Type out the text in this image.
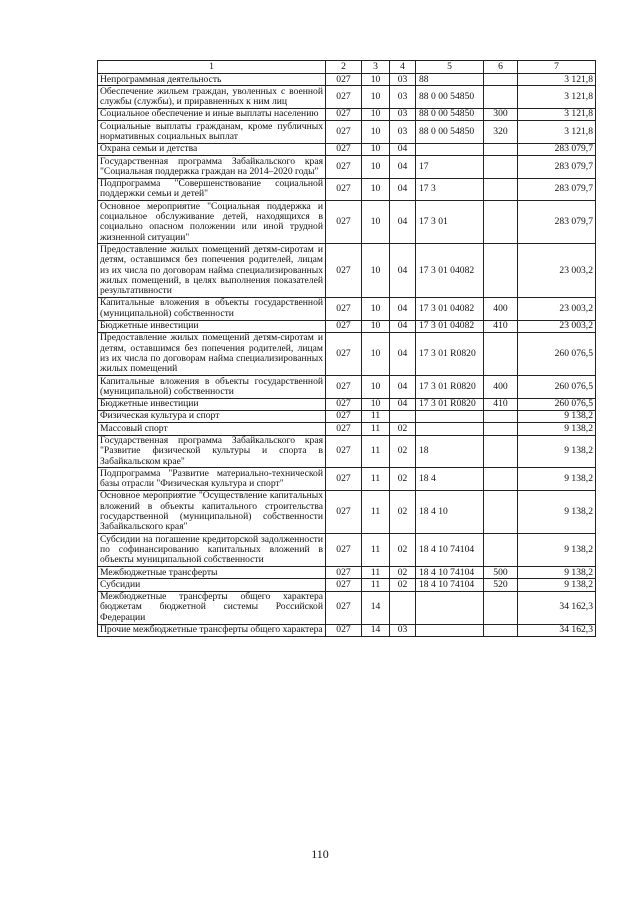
1	2	3	4	5	6	7
Непрограммная деятельность	027	10	03	88		3 121,8
Обеспечение жильем граждан, уволенных с военной службы (службы), и приравненных к ним лиц	027	10	03	88 0 00 54850		3 121,8
Социальное обеспечение и иные выплаты населению	027	10	03	88 0 00 54850	300	3 121,8
Социальные выплаты гражданам, кроме публичных нормативных социальных выплат	027	10	03	88 0 00 54850	320	3 121,8
Охрана семьи и детства	027	10	04			283 079,7
Государственная программа Забайкальского края "Социальная поддержка граждан на 2014–2020 годы"	027	10	04	17		283 079,7
Подпрограмма "Совершенствование социальной поддержки семьи и детей"	027	10	04	17 3		283 079,7
Основное мероприятие "Социальная поддержка и социальное обслуживание детей, находящихся в социально опасном положении или иной трудной жизненной ситуации"	027	10	04	17 3 01		283 079,7
Предоставление жилых помещений детям-сиротам и детям, оставшимся без попечения родителей, лицам из их числа по договорам найма специализированных жилых помещений, в целях выполнения показателей результативности	027	10	04	17 3 01 04082		23 003,2
Капитальные вложения в объекты государственной (муниципальной) собственности	027	10	04	17 3 01 04082	400	23 003,2
Бюджетные инвестиции	027	10	04	17 3 01 04082	410	23 003,2
Предоставление жилых помещений детям-сиротам и детям, оставшимся без попечения родителей, лицам из их числа по договорам найма специализированных жилых помещений	027	10	04	17 3 01 R0820		260 076,5
Капитальные вложения в объекты государственной (муниципальной) собственности	027	10	04	17 3 01 R0820	400	260 076,5
Бюджетные инвестиции	027	10	04	17 3 01 R0820	410	260 076,5
Физическая культура и спорт	027	11				9 138,2
Массовый спорт	027	11	02			9 138,2
Государственная программа Забайкальского края "Развитие физической культуры и спорта в Забайкальском крае"	027	11	02	18		9 138,2
Подпрограмма "Развитие материально-технической базы отрасли "Физическая культура и спорт"	027	11	02	18 4		9 138,2
Основное мероприятие "Осуществление капитальных вложений в объекты капитального строительства государственной (муниципальной) собственности Забайкальского края"	027	11	02	18 4 10		9 138,2
Субсидии на погашение кредиторской задолженности по софинансированию капитальных вложений в объекты муниципальной собственности	027	11	02	18 4 10 74104		9 138,2
Межбюджетные трансферты	027	11	02	18 4 10 74104	500	9 138,2
Субсидии	027	11	02	18 4 10 74104	520	9 138,2
Межбюджетные трансферты общего характера бюджетам бюджетной системы Российской Федерации	027	14				34 162,3
Прочие межбюджетные трансферты общего характера	027	14	03			34 162,3
110
